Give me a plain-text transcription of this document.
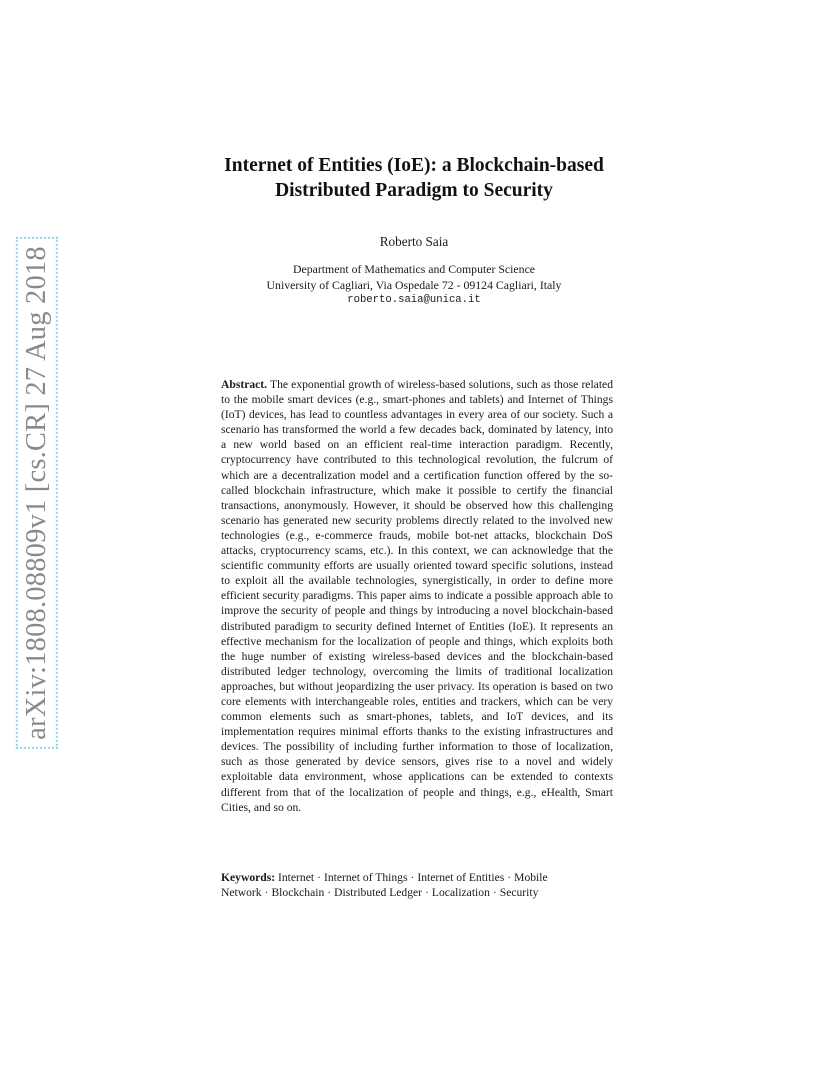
arXiv:1808.08809v1 [cs.CR] 27 Aug 2018
Internet of Entities (IoE): a Blockchain-based
Distributed Paradigm to Security
Roberto Saia
Department of Mathematics and Computer Science
University of Cagliari, Via Ospedale 72 - 09124 Cagliari, Italy
roberto.saia@unica.it
Abstract. The exponential growth of wireless-based solutions, such as those related to the mobile smart devices (e.g., smart-phones and tablets) and Internet of Things (IoT) devices, has lead to countless advantages in every area of our society. Such a scenario has transformed the world a few decades back, dominated by latency, into a new world based on an efficient real-time interaction paradigm. Recently, cryptocurrency have contributed to this technological revolution, the fulcrum of which are a decentralization model and a certification function offered by the so-called blockchain infrastructure, which make it possible to certify the financial transactions, anonymously. However, it should be observed how this challenging scenario has generated new security problems directly related to the involved new technologies (e.g., e-commerce frauds, mobile bot-net attacks, blockchain DoS attacks, cryptocurrency scams, etc.). In this context, we can acknowledge that the scientific community efforts are usually oriented toward specific solutions, instead to exploit all the available technologies, synergistically, in order to define more efficient security paradigms. This paper aims to indicate a possible approach able to improve the security of people and things by introducing a novel blockchain-based distributed paradigm to security defined Internet of Entities (IoE). It represents an effective mechanism for the localization of people and things, which exploits both the huge number of existing wireless-based devices and the blockchain-based distributed ledger technology, overcoming the limits of traditional localization approaches, but without jeopardizing the user privacy. Its operation is based on two core elements with interchangeable roles, entities and trackers, which can be very common elements such as smart-phones, tablets, and IoT devices, and its implementation requires minimal efforts thanks to the existing infrastructures and devices. The possibility of including further information to those of localization, such as those generated by device sensors, gives rise to a novel and widely exploitable data environment, whose applications can be extended to contexts different from that of the localization of people and things, e.g., eHealth, Smart Cities, and so on.
Keywords: Internet · Internet of Things · Internet of Entities · Mobile Network · Blockchain · Distributed Ledger · Localization · Security
